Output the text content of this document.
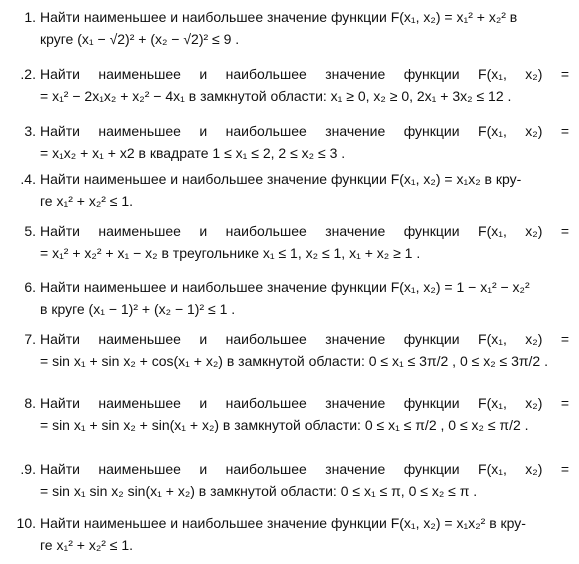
1. Найти наименьшее и наибольшее значение функции F(x₁, x₂) = x₁² + x₂² в
круге (x₁ − √2)² + (x₂ − √2)² ≤ 9 .
.2. Найти наименьшее и наибольшее значение функции F(x₁, x₂) =
= x₁² − 2x₁x₂ + x₂² − 4x₁ в замкнутой области: x₁ ≥ 0, x₂ ≥ 0, 2x₁ + 3x₂ ≤ 12 .
3. Найти наименьшее и наибольшее значение функции F(x₁, x₂) =
= x₁x₂ + x₁ + x2 в квадрате 1 ≤ x₁ ≤ 2, 2 ≤ x₂ ≤ 3 .
.4. Найти наименьшее и наибольшее значение функции F(x₁, x₂) = x₁x₂ в кру-
ге x₁² + x₂² ≤ 1.
5. Найти наименьшее и наибольшее значение функции F(x₁, x₂) =
= x₁² + x₂² + x₁ − x₂ в треугольнике x₁ ≤ 1, x₂ ≤ 1, x₁ + x₂ ≥ 1 .
6. Найти наименьшее и наибольшее значение функции F(x₁, x₂) = 1 − x₁² − x₂²
в круге (x₁ − 1)² + (x₂ − 1)² ≤ 1 .
7. Найти наименьшее и наибольшее значение функции F(x₁, x₂) =
= sin x₁ + sin x₂ + cos(x₁ + x₂) в замкнутой области: 0 ≤ x₁ ≤ 3π/2 , 0 ≤ x₂ ≤ 3π/2 .
8. Найти наименьшее и наибольшее значение функции F(x₁, x₂) =
= sin x₁ + sin x₂ + sin(x₁ + x₂) в замкнутой области: 0 ≤ x₁ ≤ π/2 , 0 ≤ x₂ ≤ π/2 .
.9. Найти наименьшее и наибольшее значение функции F(x₁, x₂) =
= sin x₁ sin x₂ sin(x₁ + x₂) в замкнутой области: 0 ≤ x₁ ≤ π, 0 ≤ x₂ ≤ π .
10. Найти наименьшее и наибольшее значение функции F(x₁, x₂) = x₁x₂² в кру-
ге x₁² + x₂² ≤ 1.
